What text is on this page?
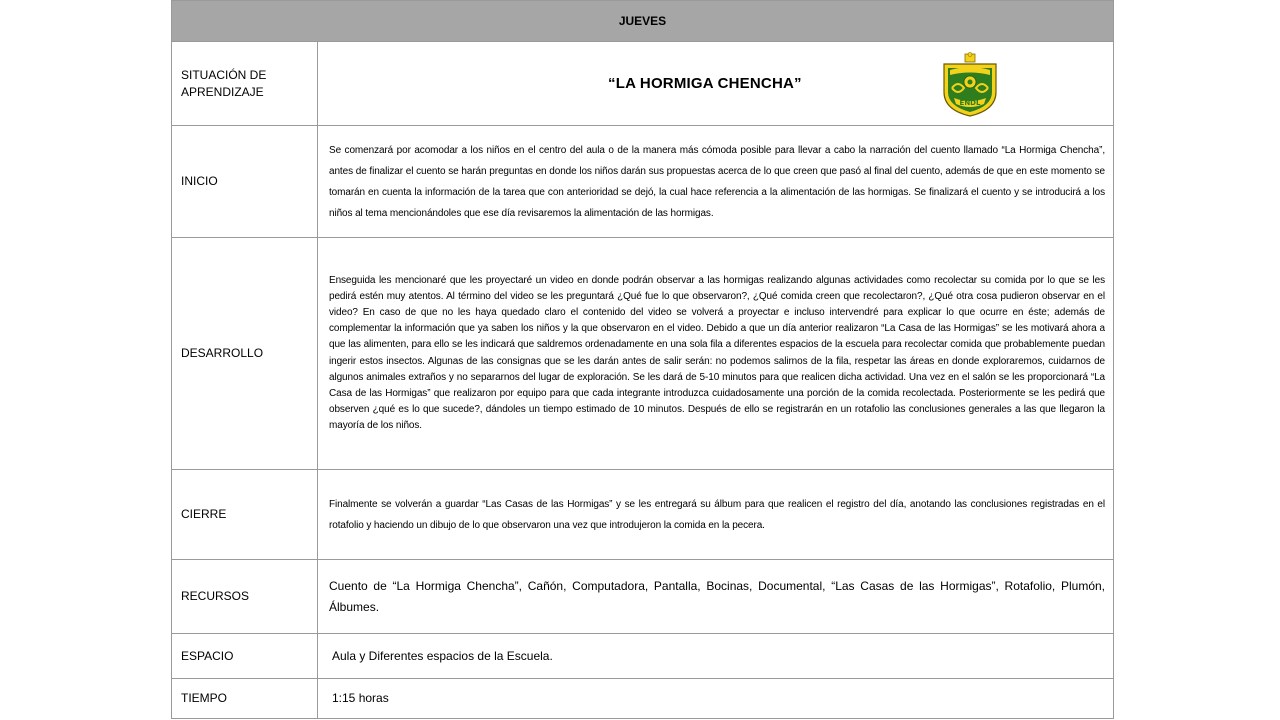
JUEVES	
SITUACIÓN DE APRENDIZAJE	“LA HORMIGA CHENCHA”
ENDL

INICIO	Se comenzará por acomodar a los niños en el centro del aula o de la manera más cómoda posible para llevar a cabo la narración del cuento llamado “La Hormiga Chencha”, antes de finalizar el cuento se harán preguntas en donde los niños darán sus propuestas acerca de lo que creen que pasó al final del cuento, además de que en este momento se tomarán en cuenta la información de la tarea que con anterioridad se dejó, la cual hace referencia a la alimentación de las hormigas. Se finalizará el cuento y se introducirá a los niños al tema mencionándoles que ese día revisaremos la alimentación de las hormigas.

DESARROLLO	Enseguida les mencionaré que les proyectaré un video en donde podrán observar a las hormigas realizando algunas actividades como recolectar su comida por lo que se les pedirá estén muy atentos. Al término del video se les preguntará ¿Qué fue lo que observaron?, ¿Qué comida creen que recolectaron?, ¿Qué otra cosa pudieron observar en el video? En caso de que no les haya quedado claro el contenido del video se volverá a proyectar e incluso intervendré para explicar lo que ocurre en éste; además de complementar la información que ya saben los niños y la que observaron en el video. Debido a que un día anterior realizaron “La Casa de las Hormigas” se les motivará ahora a que las alimenten, para ello se les indicará que saldremos ordenadamente en una sola fila a diferentes espacios de la escuela para recolectar comida que probablemente puedan ingerir estos insectos. Algunas de las consignas que se les darán antes de salir serán: no podemos salirnos de la fila, respetar las áreas en donde exploraremos, cuidarnos de algunos animales extraños y no separarnos del lugar de exploración. Se les dará de 5-10 minutos para que realicen dicha actividad. Una vez en el salón se les proporcionará “La Casa de las Hormigas” que realizaron por equipo para que cada integrante introduzca cuidadosamente una porción de la comida recolectada. Posteriormente se les pedirá que observen ¿qué es lo que sucede?, dándoles un tiempo estimado de 10 minutos. Después de ello se registrarán en un rotafolio las conclusiones generales a las que llegaron la mayoría de los niños.

CIERRE	Finalmente se volverán a guardar “Las Casas de las Hormigas” y se les entregará su álbum para que realicen el registro del día, anotando las conclusiones registradas en el rotafolio y haciendo un dibujo de lo que observaron una vez que introdujeron la comida en la pecera.

RECURSOS	Cuento de “La Hormiga Chencha”, Cañón, Computadora, Pantalla, Bocinas, Documental, “Las Casas de las Hormigas”, Rotafolio, Plumón, Álbumes.

ESPACIO	Aula y Diferentes espacios de la Escuela.

TIEMPO	1:15 horas
